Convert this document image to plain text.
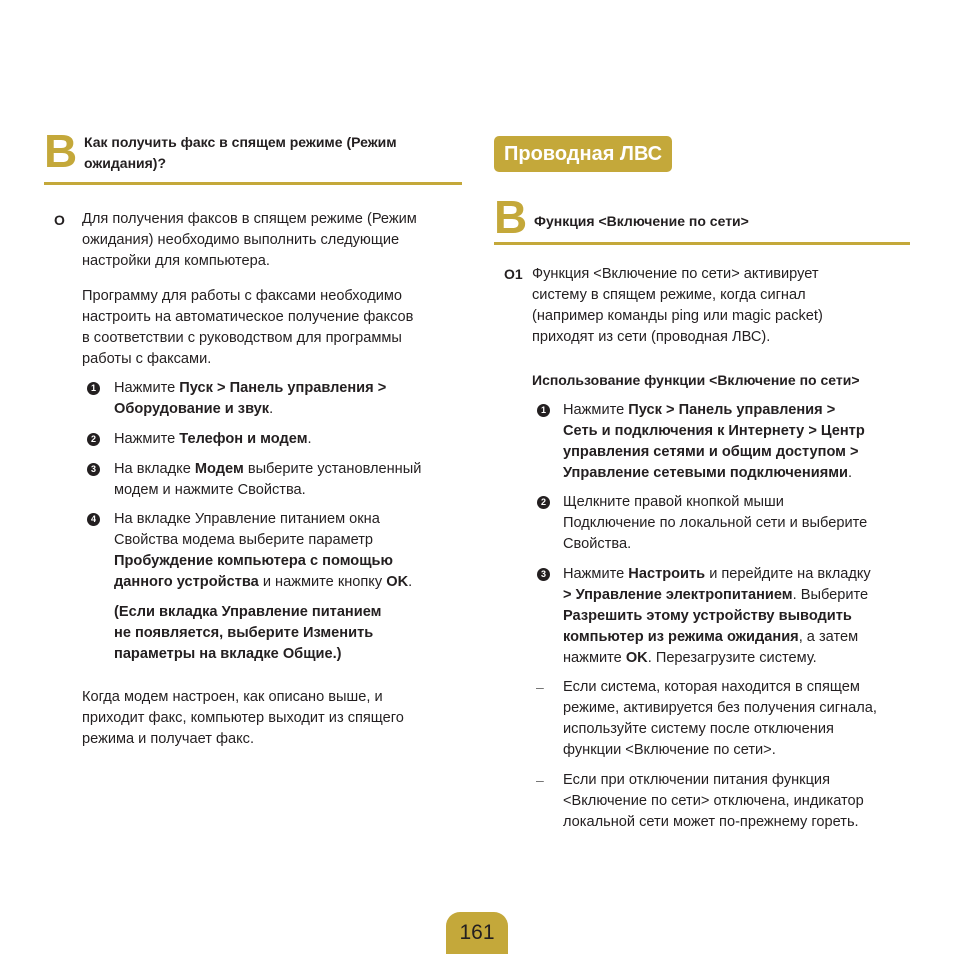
B Как получить факс в спящем режиме (Режим
ожидания)?
O Для получения факсов в спящем режиме (Режим
ожидания) необходимо выполнить следующие
настройки для компьютера.
Программу для работы с факсами необходимо
настроить на автоматическое получение факсов
в соответствии с руководством для программы
работы с факсами.
1 Нажмите Пуск > Панель управления >
Оборудование и звук.
2 Нажмите Телефон и модем.
3 На вкладке Модем выберите установленный
модем и нажмите Свойства.
4 На вкладке Управление питанием окна
Свойства модема выберите параметр
Пробуждение компьютера с помощью
данного устройства и нажмите кнопку OK.
(Если вкладка Управление питанием
не появляется, выберите Изменить
параметры на вкладке Общие.)
Когда модем настроен, как описано выше, и
приходит факс, компьютер выходит из спящего
режима и получает факс.
Проводная ЛВС
B Функция <Включение по сети>
O1 Функция <Включение по сети> активирует
систему в спящем режиме, когда сигнал
(например команды ping или magic packet)
приходят из сети (проводная ЛВС).
Использование функции <Включение по сети>
1 Нажмите Пуск > Панель управления >
Сеть и подключения к Интернету > Центр
управления сетями и общим доступом >
Управление сетевыми подключениями.
2 Щелкните правой кнопкой мыши
Подключение по локальной сети и выберите
Свойства.
3 Нажмите Настроить и перейдите на вкладку
> Управление электропитанием. Выберите
Разрешить этому устройству выводить
компьютер из режима ожидания, а затем
нажмите OK. Перезагрузите систему.
– Если система, которая находится в спящем
режиме, активируется без получения сигнала,
используйте систему после отключения
функции <Включение по сети>.
– Если при отключении питания функция
<Включение по сети> отключена, индикатор
локальной сети может по-прежнему гореть.
161
